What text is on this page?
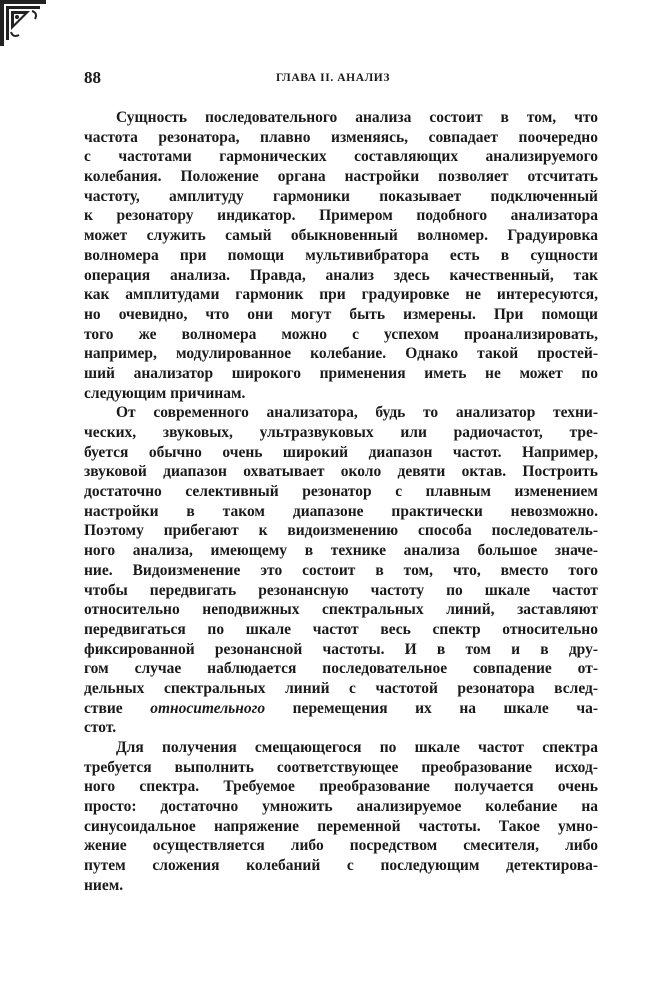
88	ГЛАВА II. АНАЛИЗ

Сущность последовательного анализа состоит в том, что
частота резонатора, плавно изменяясь, совпадает поочередно
с частотами гармонических составляющих анализируемого
колебания. Положение органа настройки позволяет отсчитать
частоту, амплитуду гармоники показывает подключенный
к резонатору индикатор. Примером подобного анализатора
может служить самый обыкновенный волномер. Градуировка
волномера при помощи мультивибратора есть в сущности
операция анализа. Правда, анализ здесь качественный, так
как амплитудами гармоник при градуировке не интересуются,
но очевидно, что они могут быть измерены. При помощи
того же волномера можно с успехом проанализировать,
например, модулированное колебание. Однако такой простей-
ший анализатор широкого применения иметь не может по
следующим причинам.

От современного анализатора, будь то анализатор техни-
ческих, звуковых, ультразвуковых или радиочастот, тре-
буется обычно очень широкий диапазон частот. Например,
звуковой диапазон охватывает около девяти октав. Построить
достаточно селективный резонатор с плавным изменением
настройки в таком диапазоне практически невозможно.
Поэтому прибегают к видоизменению способа последователь-
ного анализа, имеющему в технике анализа большое значе-
ние. Видоизменение это состоит в том, что, вместо того
чтобы передвигать резонансную частоту по шкале частот
относительно неподвижных спектральных линий, заставляют
передвигаться по шкале частот весь спектр относительно
фиксированной резонансной частоты. И в том и в дру-
гом случае наблюдается последовательное совпадение от-
дельных спектральных линий с частотой резонатора вслед-
ствие относительного перемещения их на шкале ча-
стот.

Для получения смещающегося по шкале частот спектра
требуется выполнить соответствующее преобразование исход-
ного спектра. Требуемое преобразование получается очень
просто: достаточно умножить анализируемое колебание на
синусоидальное напряжение переменной частоты. Такое умно-
жение осуществляется либо посредством смесителя, либо
путем сложения колебаний с последующим детектирова-
нием.
